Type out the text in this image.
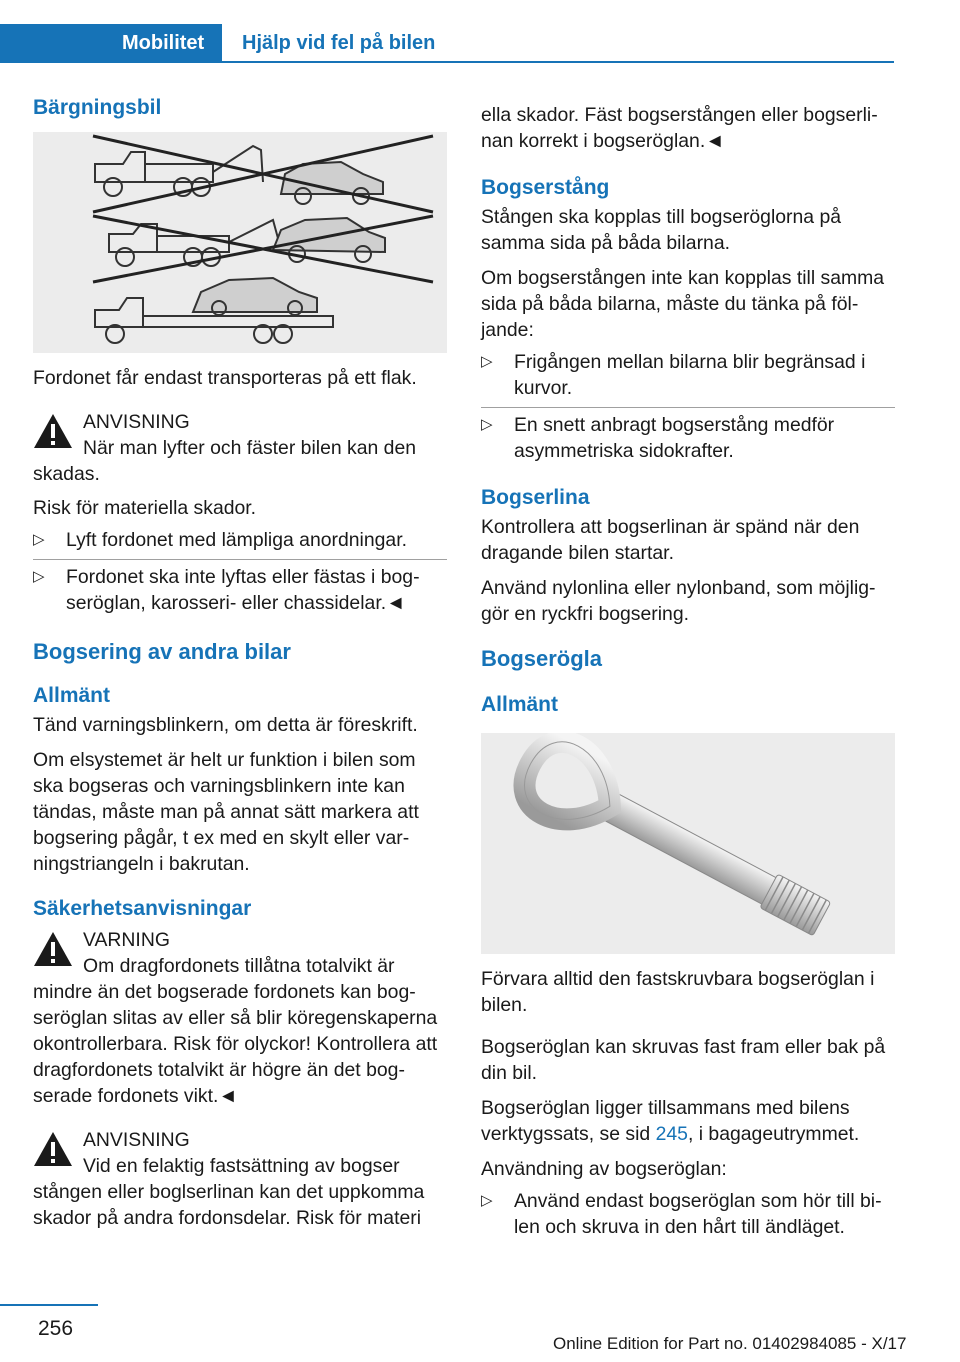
Mobilitet	Hjälp vid fel på bilen
Bärgningsbil

Fordonet får endast transporteras på ett flak.

ANVISNING
När man lyfter och fäster bilen kan den
skadas.

Risk för materiella skador.

▷ Lyft fordonet med lämpliga anordningar.
▷ Fordonet ska inte lyftas eller fästas i bogseröglan, karosseri- eller chassidelar.◄
Bogsering av andra bilar
Allmänt

Tänd varningsblinkern, om detta är föreskrift.

Om elsystemet är helt ur funktion i bilen som ska bogseras och varningsblinkern inte kan tändas, måste man på annat sätt markera att bogsering pågår, t ex med en skylt eller varningstriangeln i bakrutan.

Säkerhetsanvisningar
VARNING
Om dragfordonets tillåtna totalvikt är
mindre än det bogserade fordonets kan bogseröglan slitas av eller så blir köregenskaperna okontrollerbara. Risk för olyckor! Kontrollera att dragfordonets totalvikt är högre än det bogserade fordonets vikt.◄
ANVISNING
Vid en felaktig fastsättning av bogser
stången eller boglserlinan kan det uppkomma skador på andra fordonsdelar. Risk för materi

ella skador. Fäst bogserstången eller bogserlinan korrekt i bogseröglan.◄

Bogserstång

Stången ska kopplas till bogseröglorna på samma sida på båda bilarna.

Om bogserstången inte kan kopplas till samma sida på båda bilarna, måste du tänka på följande:

▷ Frigången mellan bilarna blir begränsad i kurvor.
▷ En snett anbragt bogserstång medför asymmetriska sidokrafter.
Bogserlina

Kontrollera att bogserlinan är spänd när den dragande bilen startar.

Använd nylonlina eller nylonband, som möjliggör en ryckfri bogsering.

Bogserögla
Allmänt

Förvara alltid den fastskruvbara bogseröglan i bilen.

Bogseröglan kan skruvas fast fram eller bak på din bil.

Bogseröglan ligger tillsammans med bilens verktygssats, se sid 245, i bagageutrymmet.

Användning av bogseröglan:

▷ Använd endast bogseröglan som hör till bilen och skruva in den hårt till ändläget.
256
Online Edition for Part no. 01402984085 - X/17
